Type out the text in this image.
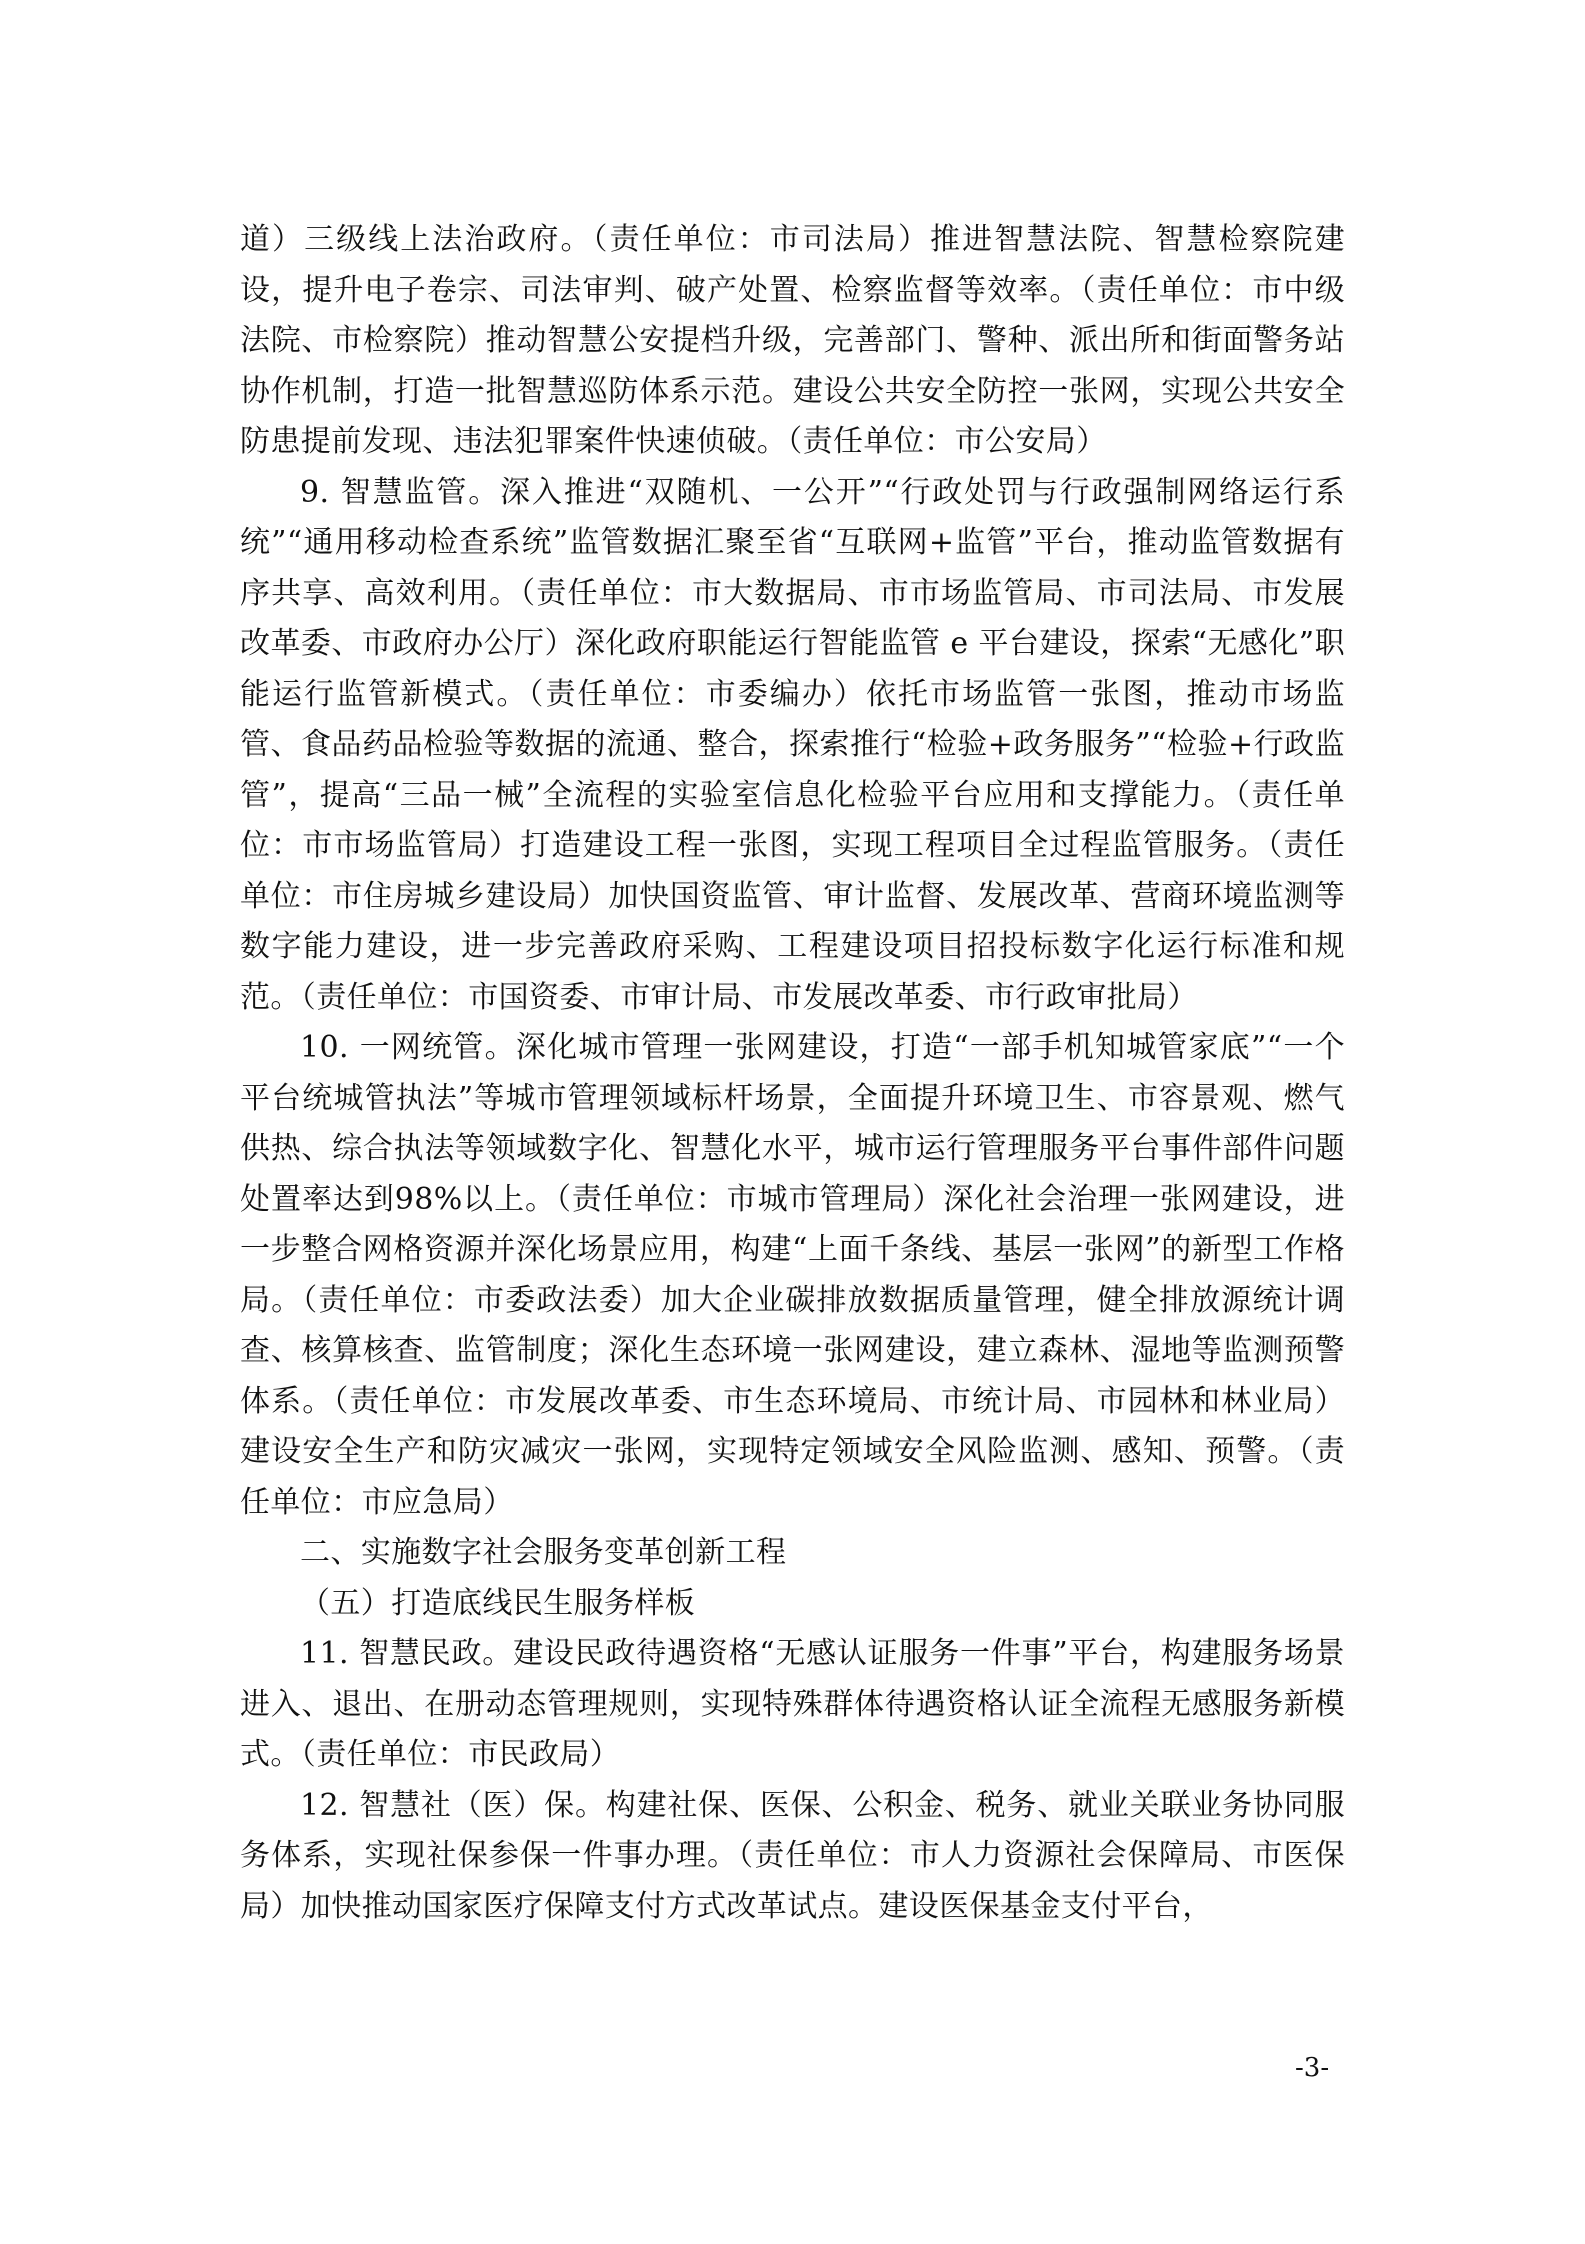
道）三级线上法治政府。（责任单位：市司法局）推进智慧法院、智慧检察院建设，提升电子卷宗、司法审判、破产处置、检察监督等效率。（责任单位：市中级法院、市检察院）推动智慧公安提档升级，完善部门、警种、派出所和街面警务站协作机制，打造一批智慧巡防体系示范。建设公共安全防控一张网，实现公共安全防患提前发现、违法犯罪案件快速侦破。（责任单位：市公安局）

9. 智慧监管。深入推进“双随机、一公开”“行政处罚与行政强制网络运行系统”“通用移动检查系统”监管数据汇聚至省“互联网+监管”平台，推动监管数据有序共享、高效利用。（责任单位：市大数据局、市市场监管局、市司法局、市发展改革委、市政府办公厅）深化政府职能运行智能监管 e 平台建设，探索“无感化”职能运行监管新模式。（责任单位：市委编办）依托市场监管一张图，推动市场监管、食品药品检验等数据的流通、整合，探索推行“检验+政务服务”“检验+行政监管”，提高“三品一械”全流程的实验室信息化检验平台应用和支撑能力。（责任单位：市市场监管局）打造建设工程一张图，实现工程项目全过程监管服务。（责任单位：市住房城乡建设局）加快国资监管、审计监督、发展改革、营商环境监测等数字能力建设，进一步完善政府采购、工程建设项目招投标数字化运行标准和规范。（责任单位：市国资委、市审计局、市发展改革委、市行政审批局）

10. 一网统管。深化城市管理一张网建设，打造“一部手机知城管家底”“一个平台统城管执法”等城市管理领域标杆场景，全面提升环境卫生、市容景观、燃气供热、综合执法等领域数字化、智慧化水平，城市运行管理服务平台事件部件问题处置率达到98%以上。（责任单位：市城市管理局）深化社会治理一张网建设，进一步整合网格资源并深化场景应用，构建“上面千条线、基层一张网”的新型工作格局。（责任单位：市委政法委）加大企业碳排放数据质量管理，健全排放源统计调查、核算核查、监管制度；深化生态环境一张网建设，建立森林、湿地等监测预警体系。（责任单位：市发展改革委、市生态环境局、市统计局、市园林和林业局）建设安全生产和防灾减灾一张网，实现特定领域安全风险监测、感知、预警。（责任单位：市应急局）

二、实施数字社会服务变革创新工程

（五）打造底线民生服务样板

11. 智慧民政。建设民政待遇资格“无感认证服务一件事”平台，构建服务场景进入、退出、在册动态管理规则，实现特殊群体待遇资格认证全流程无感服务新模式。（责任单位：市民政局）

12. 智慧社（医）保。构建社保、医保、公积金、税务、就业关联业务协同服务体系，实现社保参保一件事办理。（责任单位：市人力资源社会保障局、市医保局）加快推动国家医疗保障支付方式改革试点。建设医保基金支付平台，

-3-
